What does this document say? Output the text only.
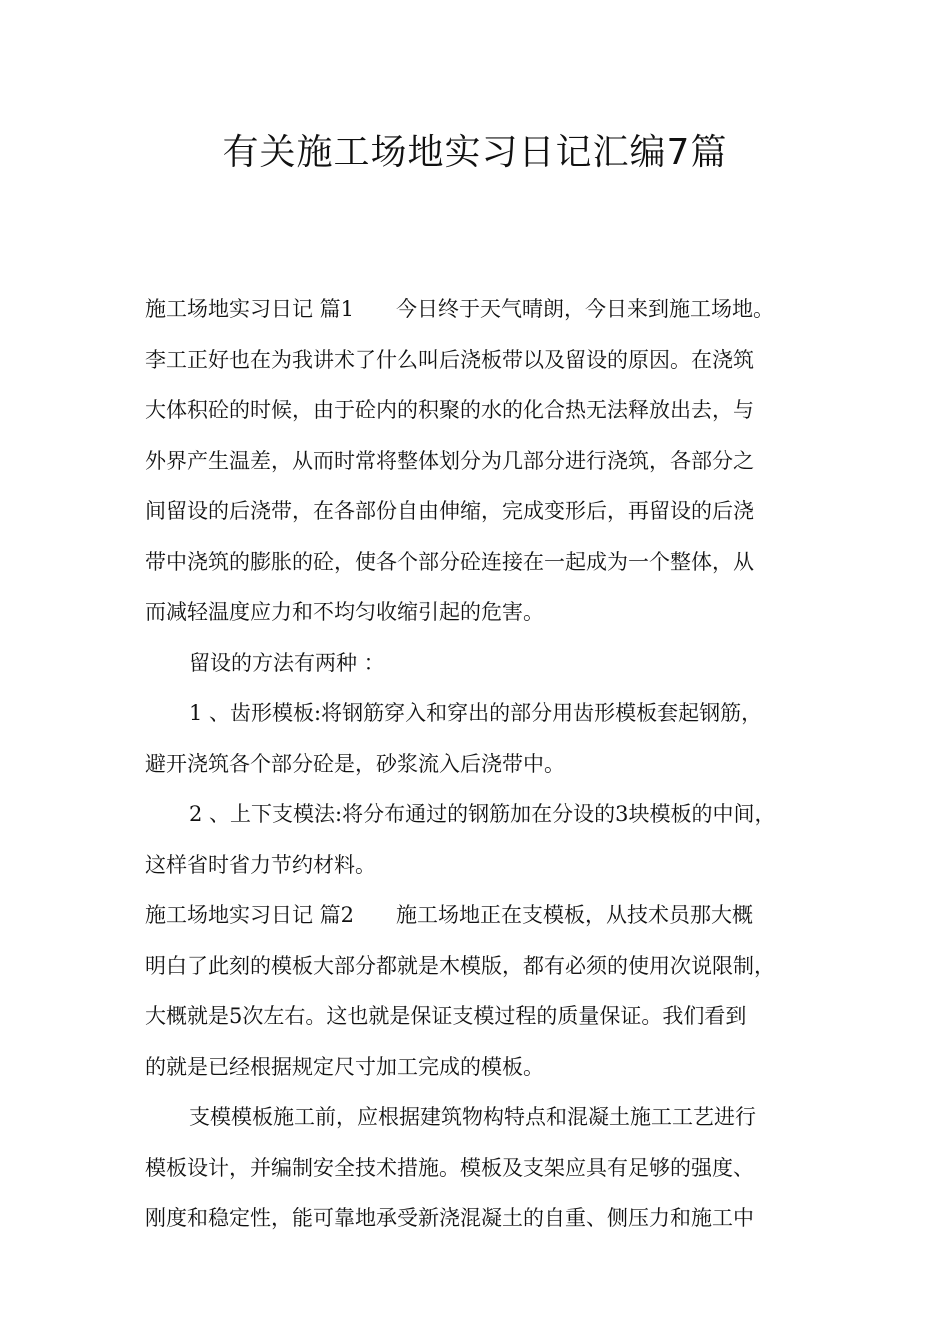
有关施工场地实习日记汇编7篇
施工场地实习日记 篇1 今日终于天气晴朗，今日来到施工场地。
李工正好也在为我讲术了什么叫后浇板带以及留设的原因。在浇筑
大体积砼的时候，由于砼内的积聚的水的化合热无法释放出去，与
外界产生温差，从而时常将整体划分为几部分进行浇筑，各部分之
间留设的后浇带，在各部份自由伸缩，完成变形后，再留设的后浇
带中浇筑的膨胀的砼，使各个部分砼连接在一起成为一个整体，从
而减轻温度应力和不均匀收缩引起的危害。
留设的方法有两种 ：
1 、齿形模板:将钢筋穿入和穿出的部分用齿形模板套起钢筋，
避开浇筑各个部分砼是，砂浆流入后浇带中。
2 、上下支模法:将分布通过的钢筋加在分设的3块模板的中间，
这样省时省力节约材料。
施工场地实习日记 篇2 施工场地正在支模板，从技术员那大概
明白了此刻的模板大部分都就是木模版，都有必须的使用次说限制，
大概就是5次左右。这也就是保证支模过程的质量保证。我们看到
的就是已经根据规定尺寸加工完成的模板。
支模模板施工前，应根据建筑物构特点和混凝土施工工艺进行
模板设计，并编制安全技术措施。模板及支架应具有足够的强度、
刚度和稳定性，能可靠地承受新浇混凝土的自重、侧压力和施工中
